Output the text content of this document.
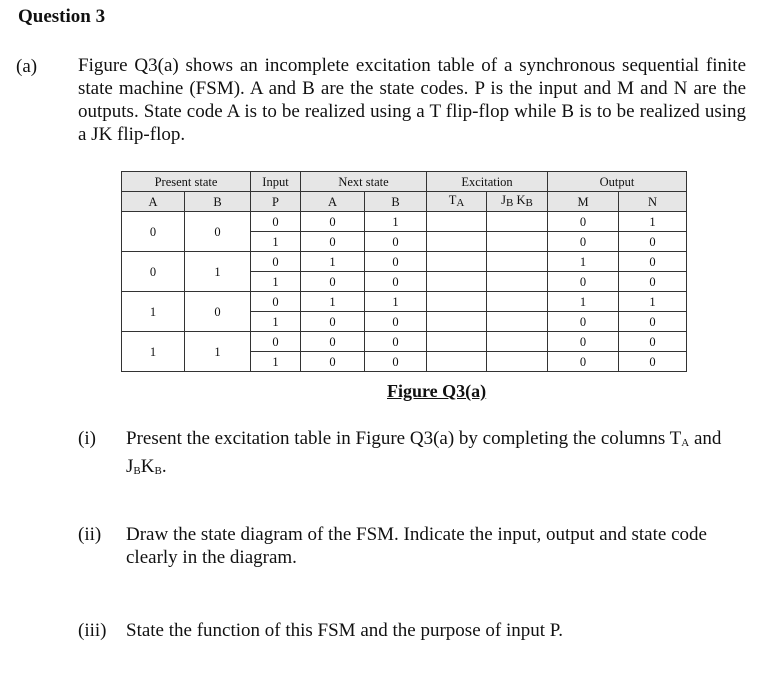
Question 3
(a) Figure Q3(a) shows an incomplete excitation table of a synchronous sequential finite state machine (FSM). A and B are the state codes. P is the input and M and N are the outputs. State code A is to be realized using a T flip-flop while B is to be realized using a JK flip-flop.
Present state		Input	Next state		Excitation		Output	
A	B	P	A	B	$T_A$	$J_B$ $K_B$	M	N
0	0	0	0	1			0	1
		1	0	0			0	0
0	1	0	1	0			1	0
		1	0	0			0	0
1	0	0	1	1			1	1
		1	0	0			0	0
1	1	0	0	0			0	0
		1	0	0			0	0
Figure Q3(a)
(i) Present the excitation table in Figure Q3(a) by completing the columns $T_A$ and $J_BK_B$.
(ii) Draw the state diagram of the FSM. Indicate the input, output and state code clearly in the diagram.
(iii) State the function of this FSM and the purpose of input P.
